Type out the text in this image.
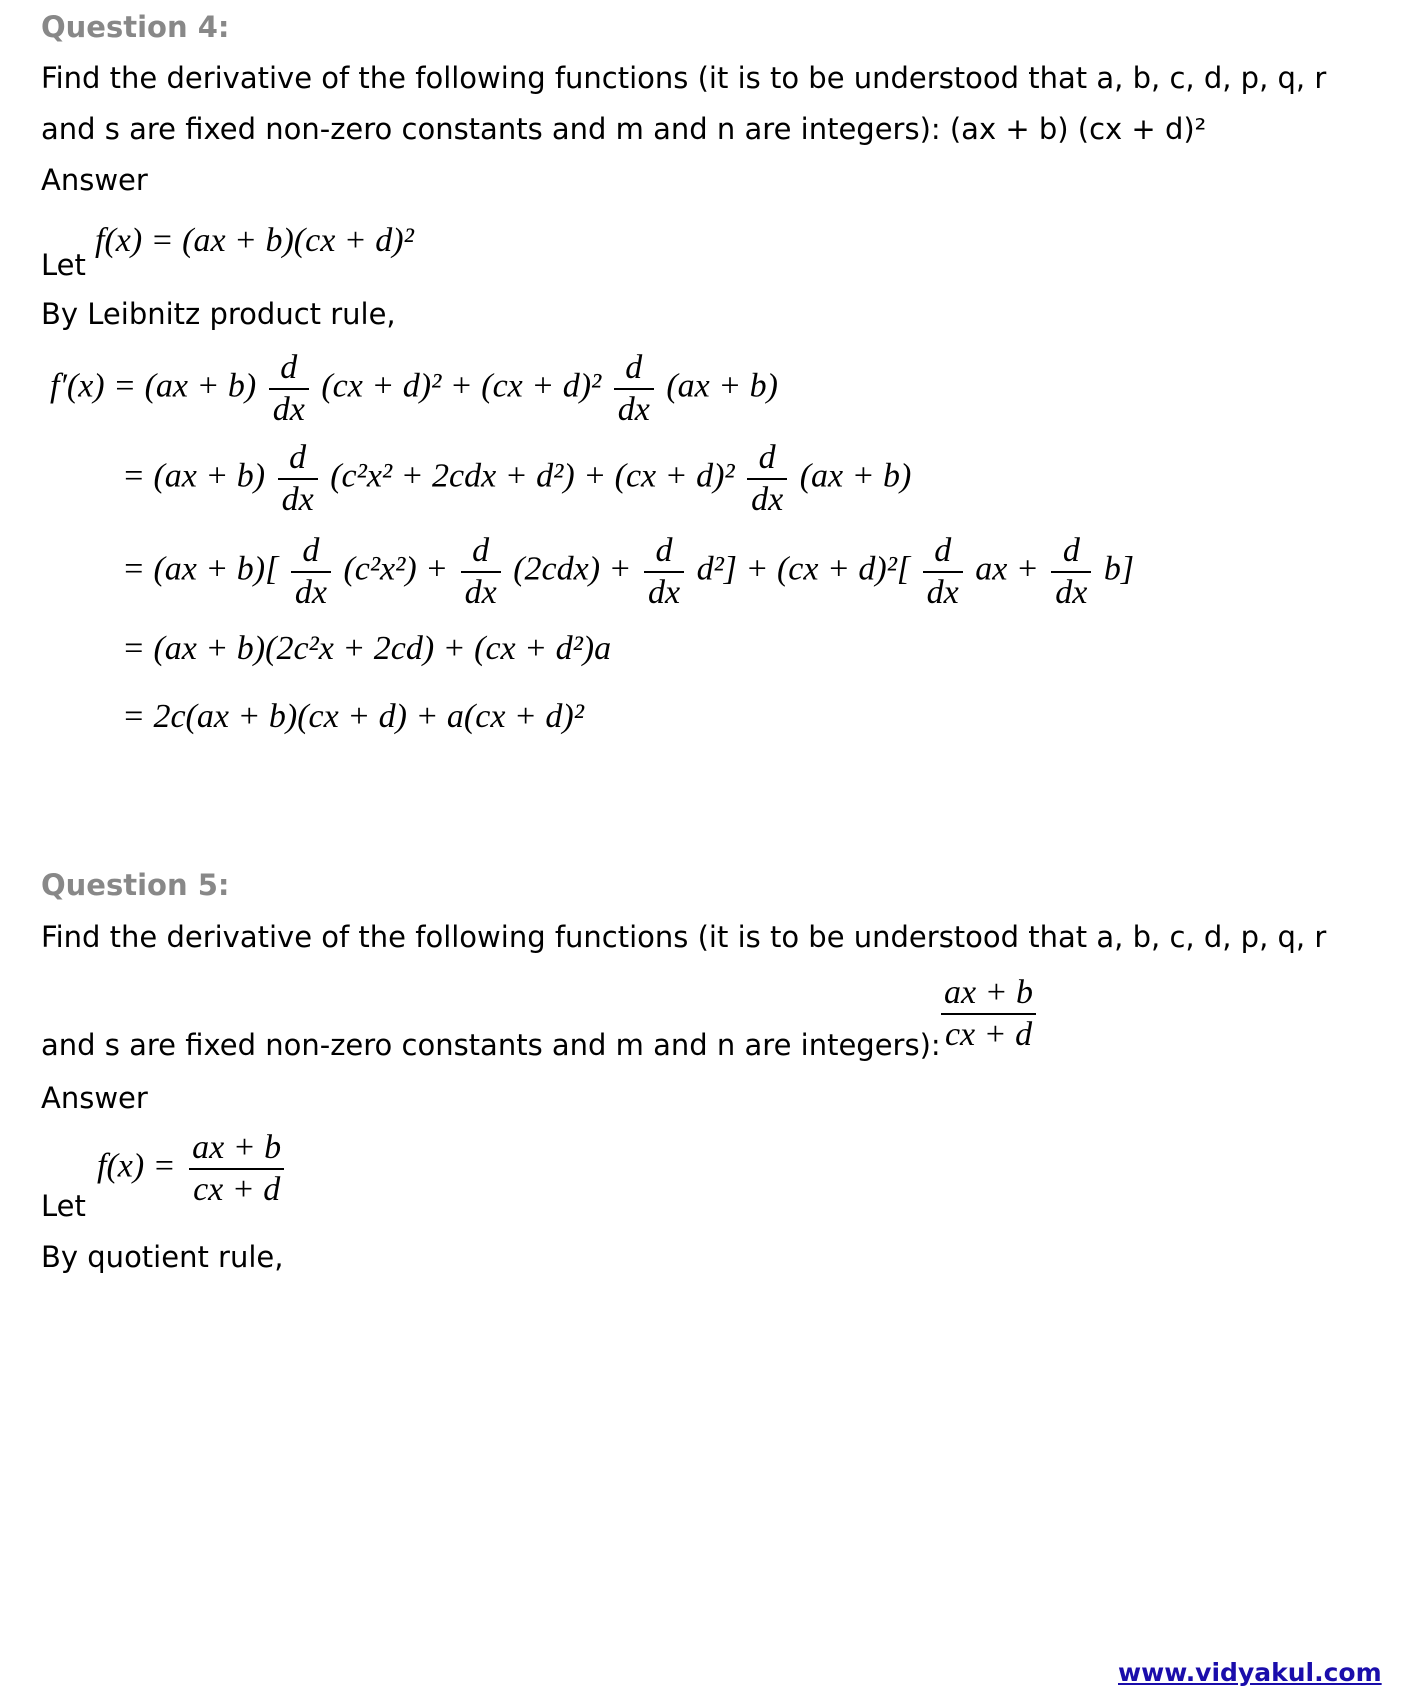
Question 4:
Find the derivative of the following functions (it is to be understood that a, b, c, d, p, q, r
and s are fixed non-zero constants and m and n are integers): (ax + b) (cx + d)²
Answer
Let
f(x) = (ax + b)(cx + d)²
By Leibnitz product rule,
$f'(x) = (ax + b) \frac{d}{dx} (cx + d)^2 + (cx + d)^2 \frac{d}{dx} (ax + b)$
= $(ax + b) \frac{d}{dx} (c^2x^2 + 2cdx + d^2) + (cx + d)^2 \frac{d}{dx} (ax + b)$
= $(ax + b)[ \frac{d}{dx} (c^2x^2) + \frac{d}{dx} (2cdx) + \frac{d}{dx} d^2] + (cx + d)^2[ \frac{d}{dx}$ ax + $\frac{d}{dx} b$]
= (ax + b)(2c²x + 2cd) + (cx + d²)a
= 2c(ax + b)(cx + d) + a(cx + d)²
Question 5:
Find the derivative of the following functions (it is to be understood that a, b, c, d, p, q, r
and s are fixed non-zero constants and m and n are integers): $\frac{ax + b}{cx + d}$
Answer
Let
$f(x) = \frac{ax + b}{cx + d}$
By quotient rule,
www.vidyakul.com
